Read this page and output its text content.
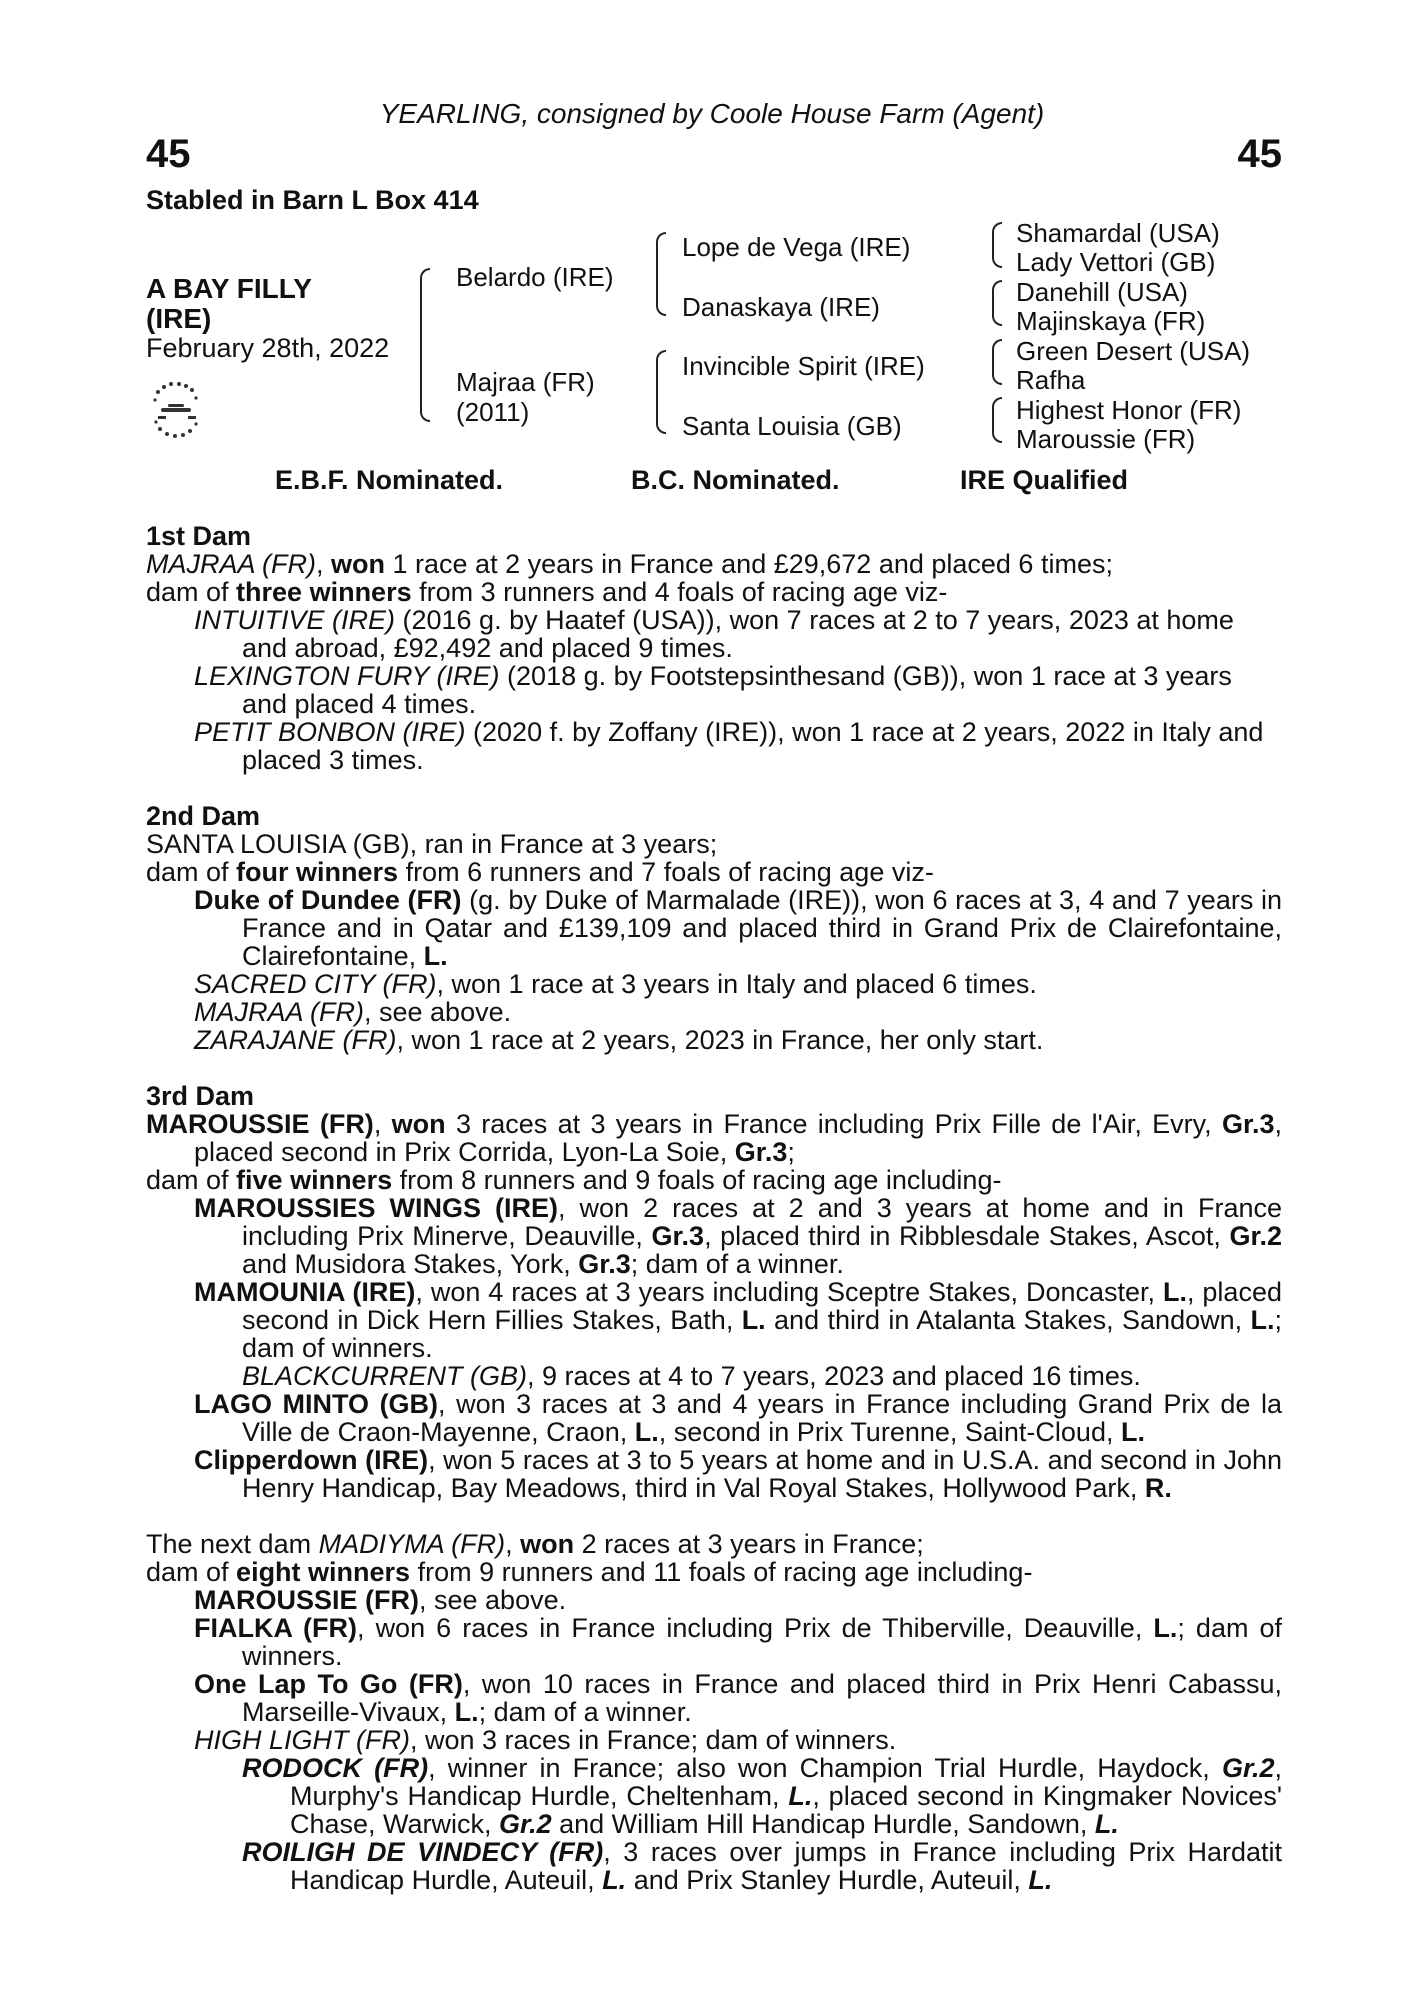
YEARLING, consigned by Coole House Farm (Agent)
45	45
Stabled in Barn L Box 414
A BAY FILLY
(IRE)
February 28th, 2022
Belardo (IRE)
Majraa (FR)
(2011)
Lope de Vega (IRE)
Danaskaya (IRE)
Invincible Spirit (IRE)
Santa Louisia (GB)
Shamardal (USA)
Lady Vettori (GB)
Danehill (USA)
Majinskaya (FR)
Green Desert (USA)
Rafha
Highest Honor (FR)
Maroussie (FR)
E.B.F. Nominated.	B.C. Nominated.	IRE Qualified

1st Dam

MAJRAA (FR), won 1 race at 2 years in France and £29,672 and placed 6 times;

dam of three winners from 3 runners and 4 foals of racing age viz-

INTUITIVE (IRE) (2016 g. by Haatef (USA)), won 7 races at 2 to 7 years, 2023 at home and abroad, £92,492 and placed 9 times.

LEXINGTON FURY (IRE) (2018 g. by Footstepsinthesand (GB)), won 1 race at 3 years and placed 4 times.

PETIT BONBON (IRE) (2020 f. by Zoffany (IRE)), won 1 race at 2 years, 2022 in Italy and placed 3 times.

2nd Dam

SANTA LOUISIA (GB), ran in France at 3 years;

dam of four winners from 6 runners and 7 foals of racing age viz-

Duke of Dundee (FR) (g. by Duke of Marmalade (IRE)), won 6 races at 3, 4 and 7 years in France and in Qatar and £139,109 and placed third in Grand Prix de Clairefontaine, Clairefontaine, L.

SACRED CITY (FR), won 1 race at 3 years in Italy and placed 6 times.

MAJRAA (FR), see above.

ZARAJANE (FR), won 1 race at 2 years, 2023 in France, her only start.

3rd Dam

MAROUSSIE (FR), won 3 races at 3 years in France including Prix Fille de l'Air, Evry, Gr.3, placed second in Prix Corrida, Lyon-La Soie, Gr.3;

dam of five winners from 8 runners and 9 foals of racing age including-

MAROUSSIES WINGS (IRE), won 2 races at 2 and 3 years at home and in France including Prix Minerve, Deauville, Gr.3, placed third in Ribblesdale Stakes, Ascot, Gr.2 and Musidora Stakes, York, Gr.3; dam of a winner.

MAMOUNIA (IRE), won 4 races at 3 years including Sceptre Stakes, Doncaster, L., placed second in Dick Hern Fillies Stakes, Bath, L. and third in Atalanta Stakes, Sandown, L.; dam of winners.

BLACKCURRENT (GB), 9 races at 4 to 7 years, 2023 and placed 16 times.

LAGO MINTO (GB), won 3 races at 3 and 4 years in France including Grand Prix de la Ville de Craon-Mayenne, Craon, L., second in Prix Turenne, Saint-Cloud, L.

Clipperdown (IRE), won 5 races at 3 to 5 years at home and in U.S.A. and second in John Henry Handicap, Bay Meadows, third in Val Royal Stakes, Hollywood Park, R.

The next dam MADIYMA (FR), won 2 races at 3 years in France;

dam of eight winners from 9 runners and 11 foals of racing age including-

MAROUSSIE (FR), see above.

FIALKA (FR), won 6 races in France including Prix de Thiberville, Deauville, L.; dam of winners.

One Lap To Go (FR), won 10 races in France and placed third in Prix Henri Cabassu, Marseille-Vivaux, L.; dam of a winner.

HIGH LIGHT (FR), won 3 races in France; dam of winners.

RODOCK (FR), winner in France; also won Champion Trial Hurdle, Haydock, Gr.2, Murphy's Handicap Hurdle, Cheltenham, L., placed second in Kingmaker Novices' Chase, Warwick, Gr.2 and William Hill Handicap Hurdle, Sandown, L.

ROILIGH DE VINDECY (FR), 3 races over jumps in France including Prix Hardatit Handicap Hurdle, Auteuil, L. and Prix Stanley Hurdle, Auteuil, L.
